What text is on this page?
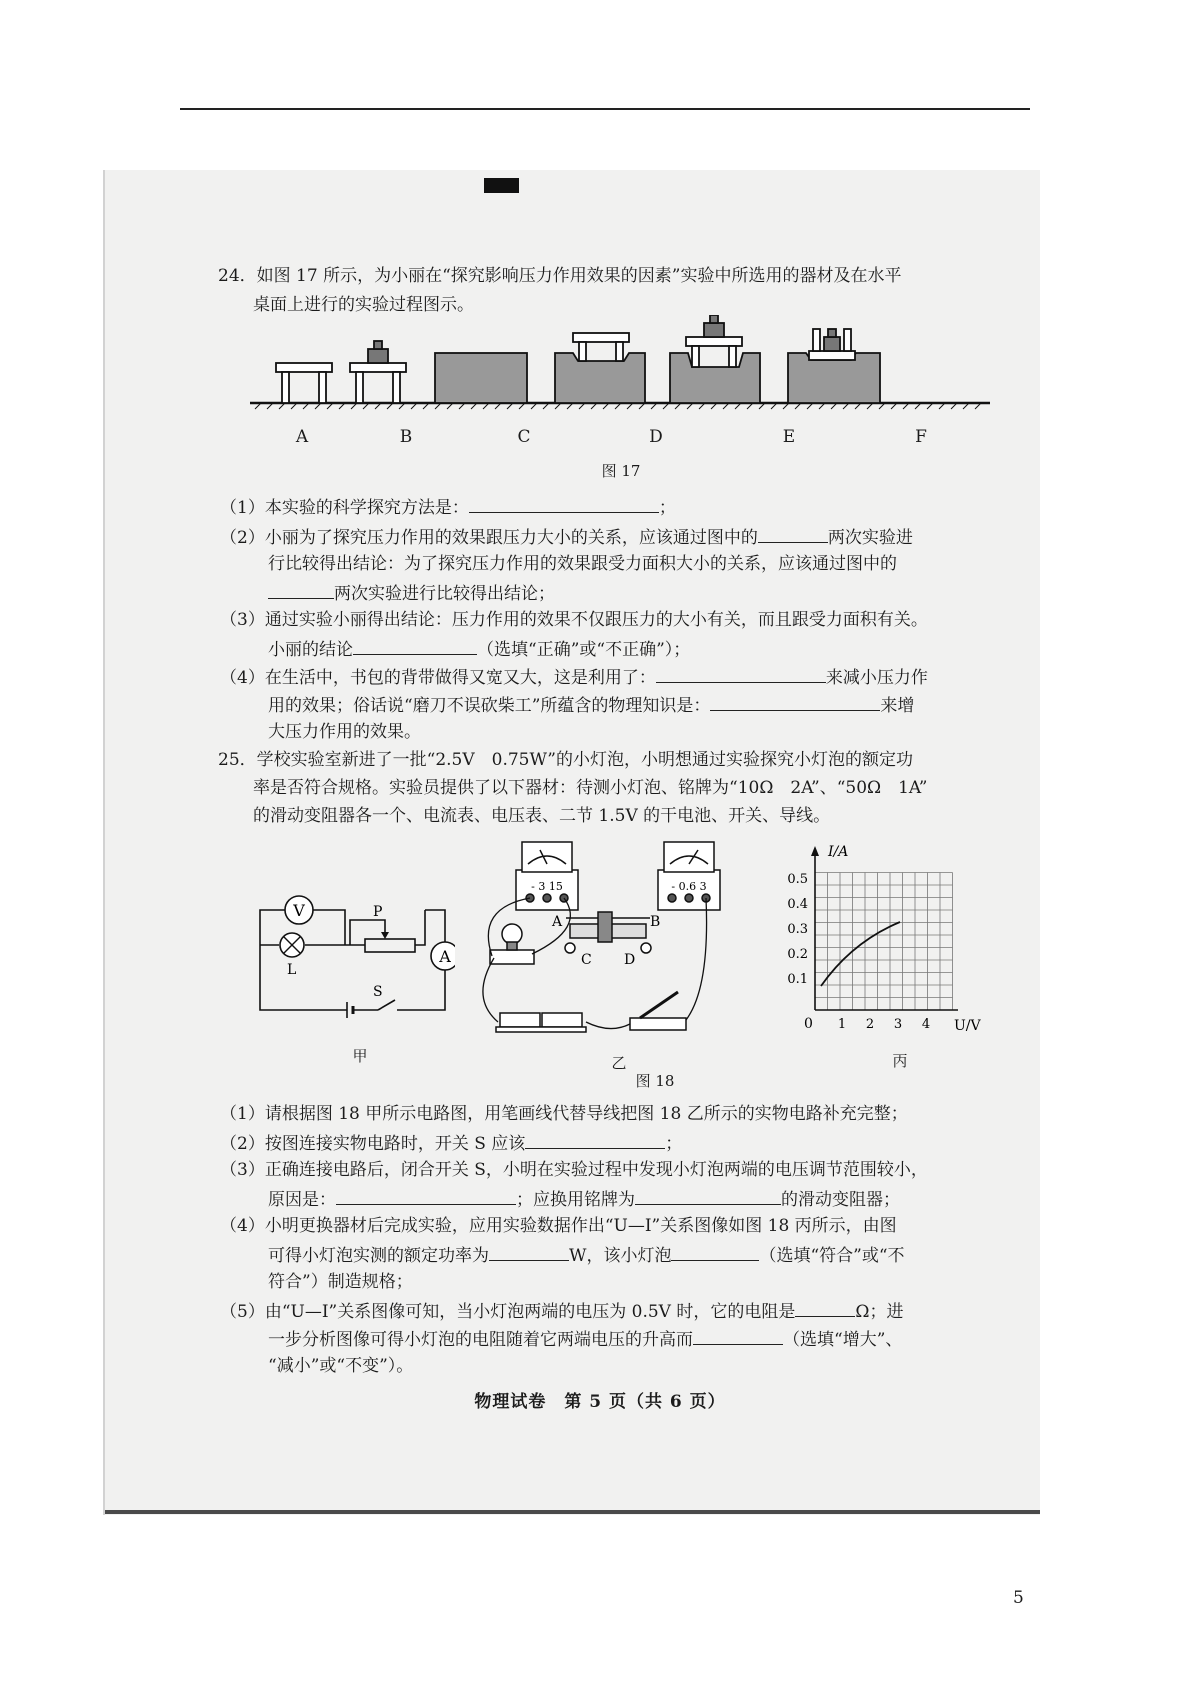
24．如图 17 所示，为小丽在“探究影响压力作用效果的因素”实验中所选用的器材及在水平
桌面上进行的实验过程图示。
A	B	C	D	E	F
图 17
（1）本实验的科学探究方法是：	；
（2）小丽为了探究压力作用的效果跟压力大小的关系，应该通过图中的	两次实验进
行比较得出结论：为了探究压力作用的效果跟受力面积大小的关系，应该通过图中的
两次实验进行比较得出结论；
（3）通过实验小丽得出结论：压力作用的效果不仅跟压力的大小有关，而且跟受力面积有关。
小丽的结论	（选填“正确”或“不正确”）；
（4）在生活中，书包的背带做得又宽又大，这是利用了：	来减小压力作
用的效果；俗话说“磨刀不误砍柴工”所蕴含的物理知识是：	来增
大压力作用的效果。
25．学校实验室新进了一批“2.5V　0.75W”的小灯泡，小明想通过实验探究小灯泡的额定功
率是否符合规格。实验员提供了以下器材：待测小灯泡、铭牌为“10Ω　2A”、“50Ω　1A”
的滑动变阻器各一个、电流表、电压表、二节 1.5V 的干电池、开关、导线。
V
A
P
L
S
甲
- 3 15	- 0.6 3
A	B
C D
乙
图 18
I/A
U/V
0
0.5
0.4
0.3
0.2
0.1
1 2 3 4
丙
（1）请根据图 18 甲所示电路图，用笔画线代替导线把图 18 乙所示的实物电路补充完整；
（2）按图连接实物电路时，开关 S 应该	；
（3）正确连接电路后，闭合开关 S，小明在实验过程中发现小灯泡两端的电压调节范围较小，
原因是：	；应换用铭牌为	的滑动变阻器；
（4）小明更换器材后完成实验，应用实验数据作出“U—I”关系图像如图 18 丙所示，由图
可得小灯泡实测的额定功率为	W，该小灯泡	（选填“符合”或“不
符合”）制造规格；
（5）由“U—I”关系图像可知，当小灯泡两端的电压为 0.5V 时，它的电阻是	Ω；进
一步分析图像可得小灯泡的电阻随着它两端电压的升高而	（选填“增大”、
“减小”或“不变”）。
物理试卷　第 5 页（共 6 页）
5
